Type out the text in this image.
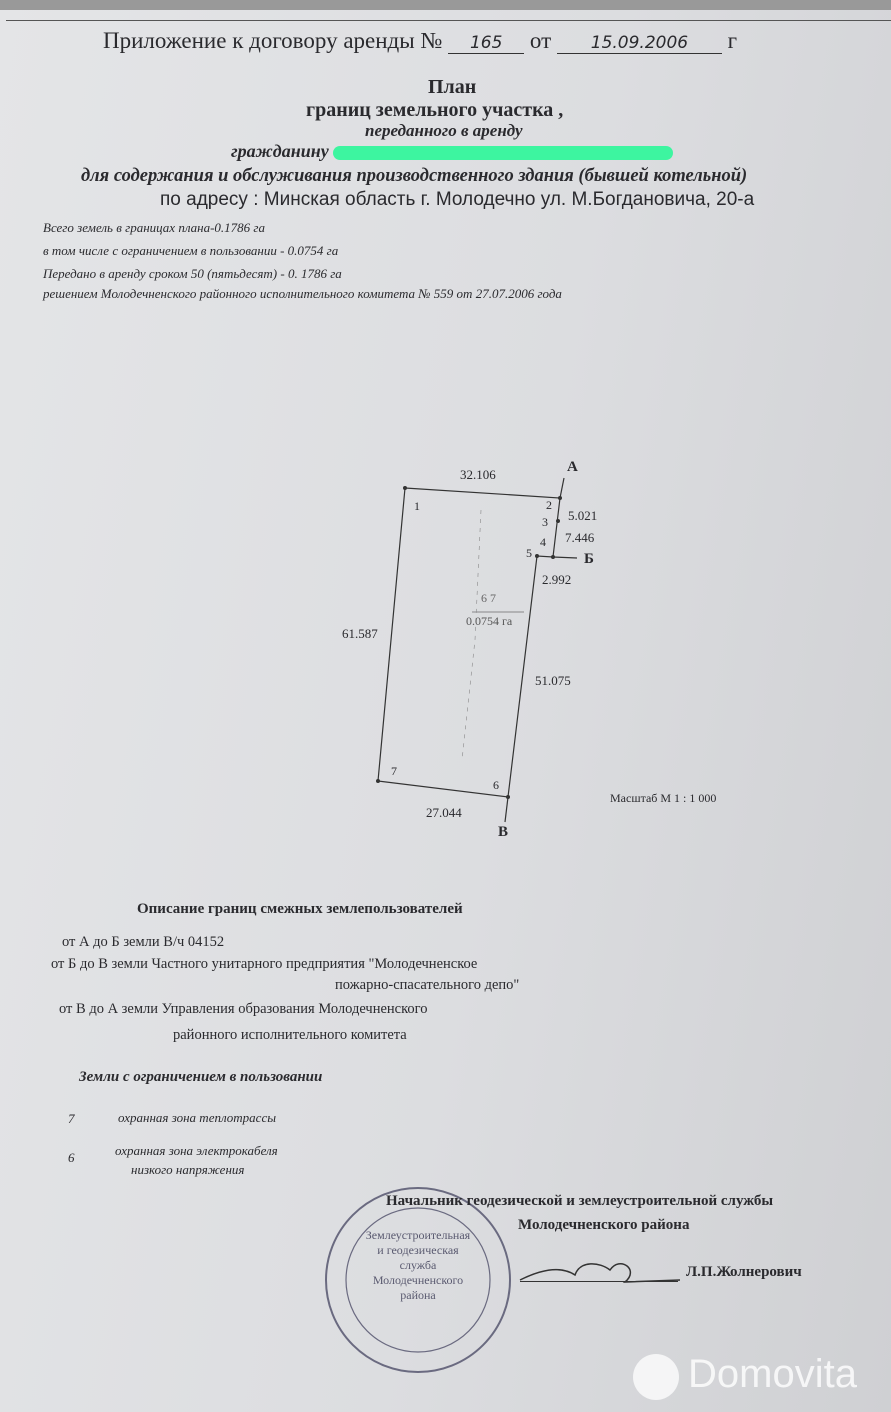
Приложение к договору аренды № 165 от 15.09.2006 г
План
границ земельного участка ,
переданного в аренду
гражданину
для содержания и обслуживания производственного здания (бывшей котельной)
по адресу : Минская область г. Молодечно ул. М.Богдановича, 20-а
Всего земель в границах плана-0.1786 га
в том числе с ограничением в пользовании - 0.0754 га
Передано в аренду сроком 50 (пятьдесят) - 0. 1786 га
решением Молодечненского районного исполнительного комитета № 559 от 27.07.2006 года
32.106
5.021
7.446
2.992
51.075
27.044
61.587
1	2
3
4
5
6
7
А
Б
В
6 7
0.0754 га
Масштаб М 1 : 1 000
Описание границ смежных землепользователей
от А до Б земли В/ч 04152
от Б до В земли Частного унитарного предприятия "Молодечненское
пожарно-спасательного депо"
от В до А земли Управления образования Молодечненского
районного исполнительного комитета
Земли с ограничением в пользовании
7	охранная зона теплотрассы
6	охранная зона электрокабеля
низкого напряжения
Землеустроительная и геодезическая служба Молодечненского района
Начальник геодезической и землеустроительной службы
Молодечненского района
Л.П.Жолнерович
Domovita
